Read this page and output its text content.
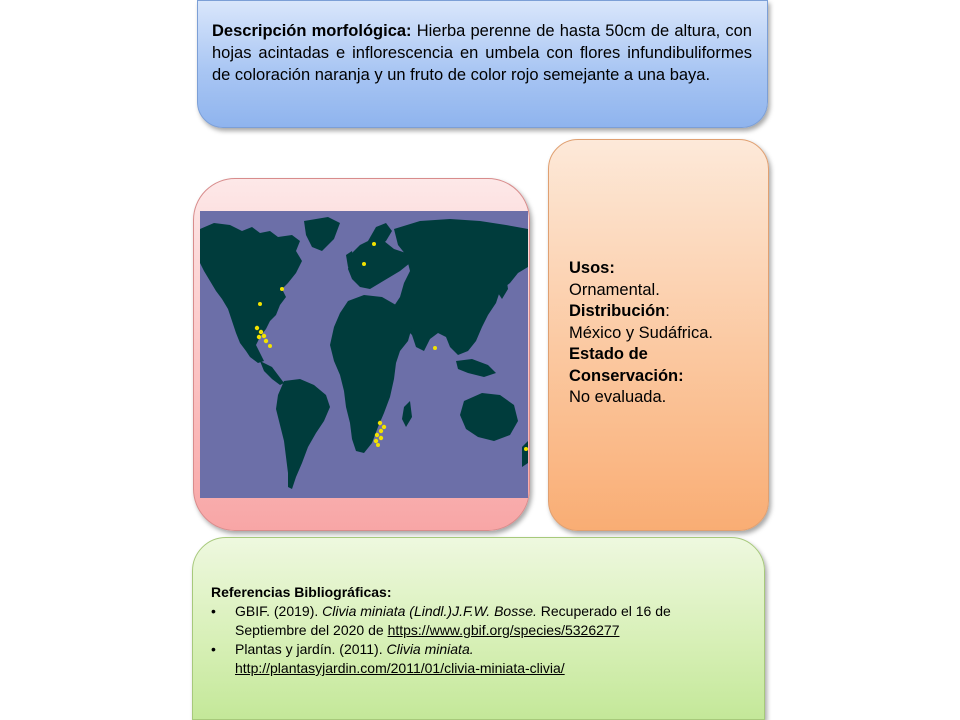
Descripción morfológica: Hierba perenne de hasta 50cm de altura, con hojas acintadas e inflorescencia en umbela con flores infundibuliformes de coloración naranja y un fruto de color rojo semejante a una baya.
Usos:
Ornamental.
Distribución:
México y Sudáfrica.
Estado de
Conservación:
No evaluada.
Referencias Bibliográficas:
• GBIF. (2019). Clivia miniata (Lindl.)J.F.W. Bosse. Recuperado el 16 de Septiembre del 2020 de https://www.gbif.org/species/5326277
• Plantas y jardín. (2011). Clivia miniata.
http://plantasyjardin.com/2011/01/clivia-miniata-clivia/
